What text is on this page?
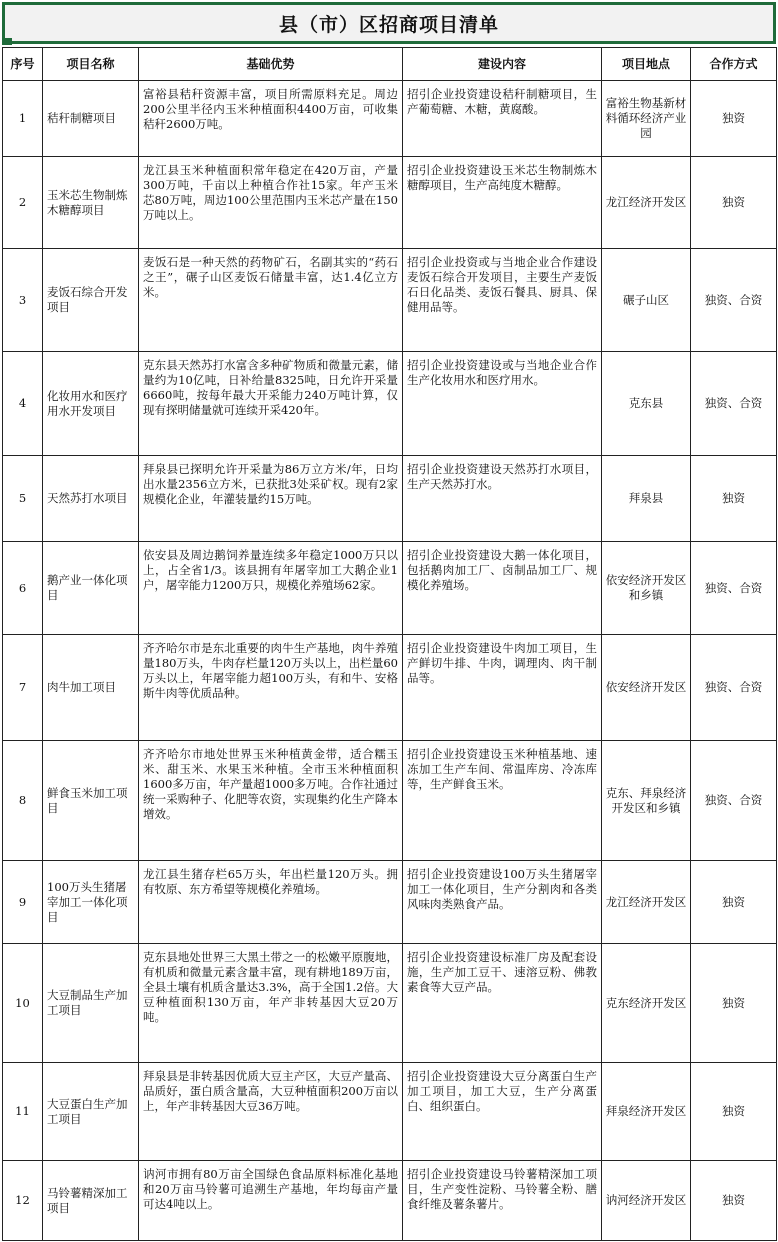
县（市）区招商项目清单
序号	项目名称	基础优势	建设内容	项目地点	合作方式
1	秸秆制糖项目	富裕县秸秆资源丰富，项目所需原料充足。周边200公里半径内玉米种植面积4400万亩，可收集秸秆2600万吨。	招引企业投资建设秸秆制糖项目，生产葡萄糖、木糖，黄腐酸。	富裕生物基新材料循环经济产业园	独资
2	玉米芯生物制炼木糖醇项目	龙江县玉米种植面积常年稳定在420万亩，产量300万吨，千亩以上种植合作社15家。年产玉米芯80万吨，周边100公里范围内玉米芯产量在150万吨以上。	招引企业投资建设玉米芯生物制炼木糖醇项目，生产高纯度木糖醇。	龙江经济开发区	独资
3	麦饭石综合开发项目	麦饭石是一种天然的药物矿石，名副其实的“药石之王”，碾子山区麦饭石储量丰富，达1.4亿立方米。	招引企业投资或与当地企业合作建设麦饭石综合开发项目，主要生产麦饭石日化品类、麦饭石餐具、厨具、保健用品等。	碾子山区	独资、合资
4	化妆用水和医疗用水开发项目	克东县天然苏打水富含多种矿物质和微量元素，储量约为10亿吨，日补给量8325吨，日允许开采量6660吨，按每年最大开采能力240万吨计算，仅现有探明储量就可连续开采420年。	招引企业投资建设或与当地企业合作生产化妆用水和医疗用水。	克东县	独资、合资
5	天然苏打水项目	拜泉县已探明允许开采量为86万立方米/年，日均出水量2356立方米，已获批3处采矿权。现有2家规模化企业，年灌装量约15万吨。	招引企业投资建设天然苏打水项目，生产天然苏打水。	拜泉县	独资
6	鹅产业一体化项目	依安县及周边鹅饲养量连续多年稳定1000万只以上，占全省1/3。该县拥有年屠宰加工大鹅企业1户，屠宰能力1200万只，规模化养殖场62家。	招引企业投资建设大鹅一体化项目，包括鹅肉加工厂、卤制品加工厂、规模化养殖场。	依安经济开发区和乡镇	独资、合资
7	肉牛加工项目	齐齐哈尔市是东北重要的肉牛生产基地，肉牛养殖量180万头，牛肉存栏量120万头以上，出栏量60万头以上，年屠宰能力超100万头，有和牛、安格斯牛肉等优质品种。	招引企业投资建设牛肉加工项目，生产鲜切牛排、牛肉，调理肉、肉干制品等。	依安经济开发区	独资、合资
8	鲜食玉米加工项目	齐齐哈尔市地处世界玉米种植黄金带，适合糯玉米、甜玉米、水果玉米种植。全市玉米种植面积1600多万亩，年产量超1000多万吨。合作社通过统一采购种子、化肥等农资，实现集约化生产降本增效。	招引企业投资建设玉米种植基地、速冻加工生产车间、常温库房、冷冻库等，生产鲜食玉米。	克东、拜泉经济开发区和乡镇	独资、合资
9	100万头生猪屠宰加工一体化项目	龙江县生猪存栏65万头，年出栏量120万头。拥有牧原、东方希望等规模化养殖场。	招引企业投资建设100万头生猪屠宰加工一体化项目，生产分割肉和各类风味肉类熟食产品。	龙江经济开发区	独资
10	大豆制品生产加工项目	克东县地处世界三大黑土带之一的松嫩平原腹地，有机质和微量元素含量丰富，现有耕地189万亩，全县土壤有机质含量达3.3%，高于全国1.2倍。大豆种植面积130万亩，年产非转基因大豆20万吨。	招引企业投资建设标准厂房及配套设施，生产加工豆干、速溶豆粉、佛教素食等大豆产品。	克东经济开发区	独资
11	大豆蛋白生产加工项目	拜泉县是非转基因优质大豆主产区，大豆产量高、品质好，蛋白质含量高，大豆种植面积200万亩以上，年产非转基因大豆36万吨。	招引企业投资建设大豆分离蛋白生产加工项目，加工大豆，生产分离蛋白、组织蛋白。	拜泉经济开发区	独资
12	马铃薯精深加工项目	讷河市拥有80万亩全国绿色食品原料标准化基地和20万亩马铃薯可追溯生产基地，年均每亩产量可达4吨以上。	招引企业投资建设马铃薯精深加工项目，生产变性淀粉、马铃薯全粉、膳食纤维及薯条薯片。	讷河经济开发区	独资
